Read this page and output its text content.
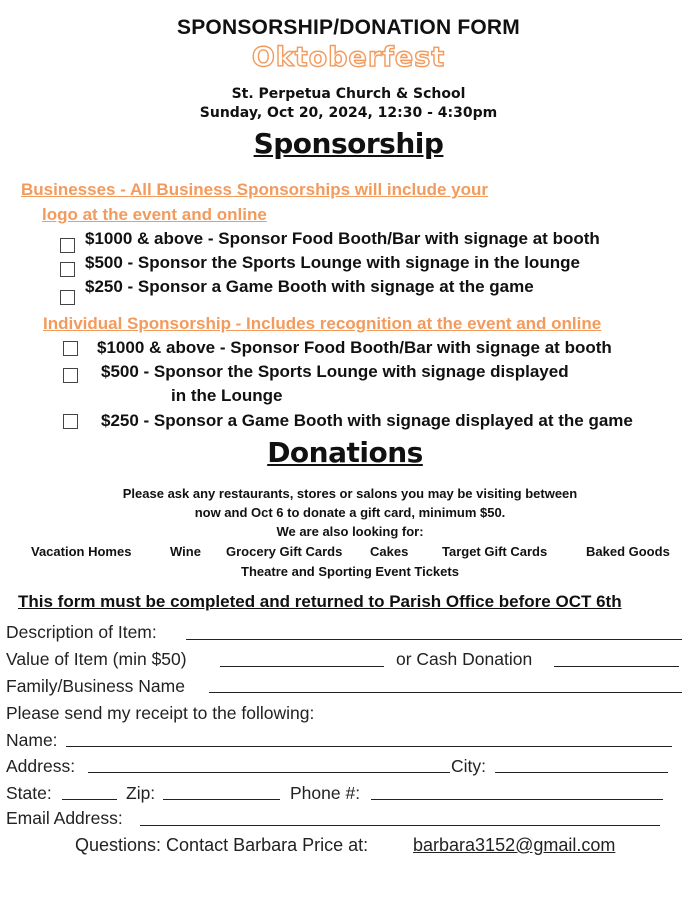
SPONSORSHIP/DONATION FORM
Oktoberfest
St. Perpetua Church & School
Sunday, Oct 20, 2024, 12:30 - 4:30pm
Sponsorship
Businesses - All Business Sponsorships will include your
logo at the event and online
$1000 & above - Sponsor Food Booth/Bar with signage at booth
$500 - Sponsor the Sports Lounge with signage in the lounge
$250 - Sponsor a Game Booth with signage at the game
Individual Sponsorship - Includes recognition at the event and online
$1000 & above - Sponsor Food Booth/Bar with signage at booth
$500 - Sponsor the Sports Lounge with signage displayed
in the Lounge
$250 - Sponsor a Game Booth with signage displayed at the game
Donations
Please ask any restaurants, stores or salons you may be visiting between
now and Oct 6 to donate a gift card, minimum $50.
We are also looking for:
Vacation Homes	Wine Grocery Gift Cards Cakes	Target Gift Cards	Baked Goods
Theatre and Sporting Event Tickets
This form must be completed and returned to Parish Office before OCT 6th
Description of Item:
Value of Item (min $50)	or Cash Donation
Family/Business Name
Please send my receipt to the following:
Name:
Address:	City:
State:	Zip:	Phone #:
Email Address:
Questions: Contact Barbara Price at: barbara3152@gmail.com
